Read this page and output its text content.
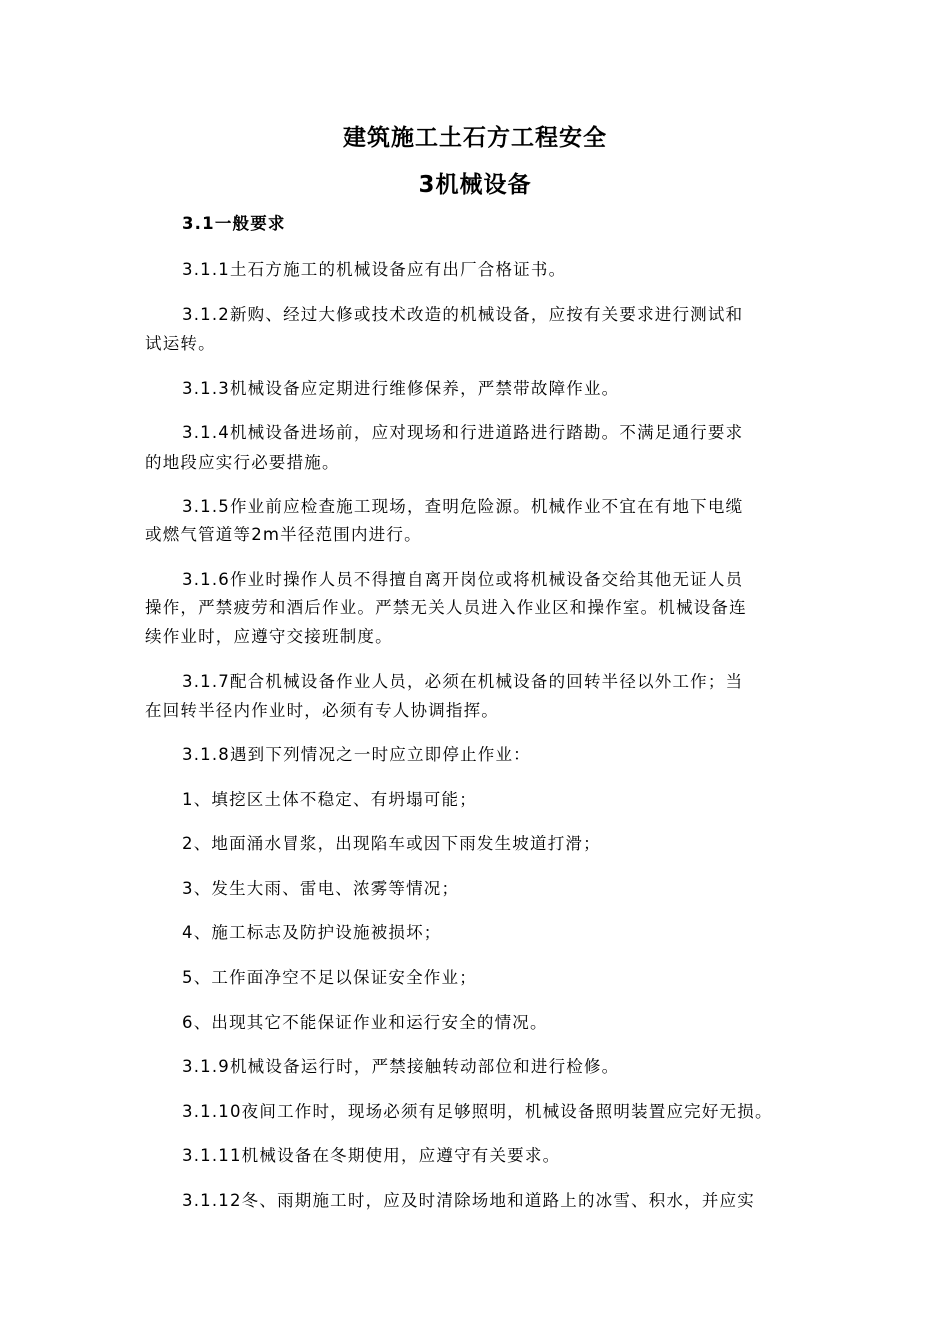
建筑施工土石方工程安全
3机械设备
3.1一般要求
3.1.1土石方施工的机械设备应有出厂合格证书。
3.1.2新购、经过大修或技术改造的机械设备，应按有关要求进行测试和
试运转。
3.1.3机械设备应定期进行维修保养，严禁带故障作业。
3.1.4机械设备进场前，应对现场和行进道路进行踏勘。不满足通行要求
的地段应实行必要措施。
3.1.5作业前应检查施工现场，查明危险源。机械作业不宜在有地下电缆
或燃气管道等2m半径范围内进行。
3.1.6作业时操作人员不得擅自离开岗位或将机械设备交给其他无证人员
操作，严禁疲劳和酒后作业。严禁无关人员进入作业区和操作室。机械设备连
续作业时，应遵守交接班制度。
3.1.7配合机械设备作业人员，必须在机械设备的回转半径以外工作；当
在回转半径内作业时，必须有专人协调指挥。
3.1.8遇到下列情况之一时应立即停止作业：
1、填挖区土体不稳定、有坍塌可能；
2、地面涌水冒浆，出现陷车或因下雨发生坡道打滑；
3、发生大雨、雷电、浓雾等情况；
4、施工标志及防护设施被损坏；
5、工作面净空不足以保证安全作业；
6、出现其它不能保证作业和运行安全的情况。
3.1.9机械设备运行时，严禁接触转动部位和进行检修。
3.1.10夜间工作时，现场必须有足够照明，机械设备照明装置应完好无损。
3.1.11机械设备在冬期使用，应遵守有关要求。
3.1.12冬、雨期施工时，应及时清除场地和道路上的冰雪、积水，并应实
